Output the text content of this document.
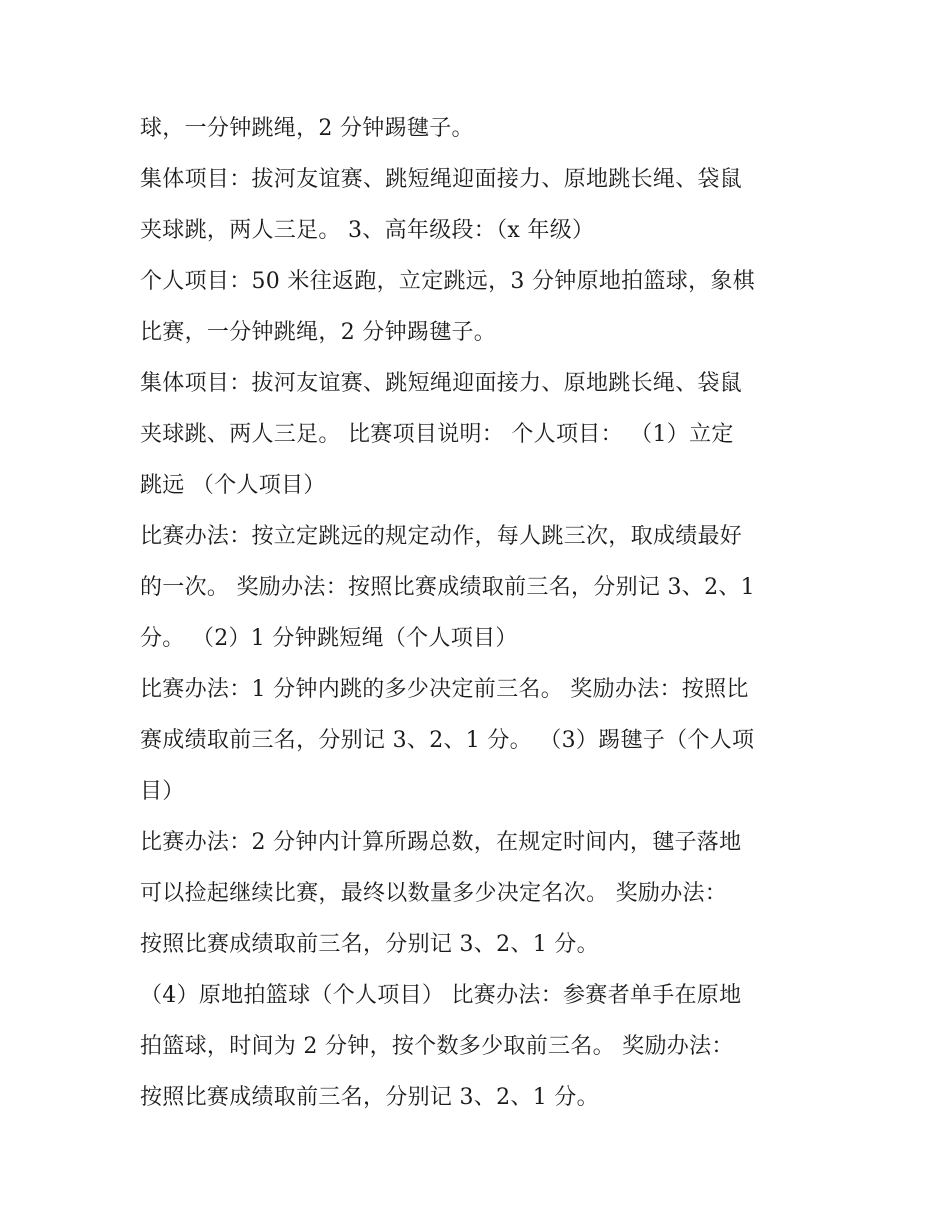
球，一分钟跳绳，2 分钟踢毽子。
集体项目：拔河友谊赛、跳短绳迎面接力、原地跳长绳、袋鼠
夹球跳，两人三足。 3、高年级段：（x 年级）
个人项目：50 米往返跑，立定跳远，3 分钟原地拍篮球，象棋
比赛，一分钟跳绳，2 分钟踢毽子。
集体项目：拔河友谊赛、跳短绳迎面接力、原地跳长绳、袋鼠
夹球跳、两人三足。 比赛项目说明： 个人项目： （1）立定
跳远 （个人项目）
比赛办法：按立定跳远的规定动作，每人跳三次，取成绩最好
的一次。 奖励办法：按照比赛成绩取前三名，分别记 3、2、1
分。 （2）1 分钟跳短绳（个人项目）
比赛办法：1 分钟内跳的多少决定前三名。 奖励办法：按照比
赛成绩取前三名，分别记 3、2、1 分。 （3）踢毽子（个人项
目）
比赛办法：2 分钟内计算所踢总数，在规定时间内，毽子落地
可以捡起继续比赛，最终以数量多少决定名次。 奖励办法：
按照比赛成绩取前三名，分别记 3、2、1 分。
（4）原地拍篮球（个人项目） 比赛办法：参赛者单手在原地
拍篮球，时间为 2 分钟，按个数多少取前三名。 奖励办法：
按照比赛成绩取前三名，分别记 3、2、1 分。
